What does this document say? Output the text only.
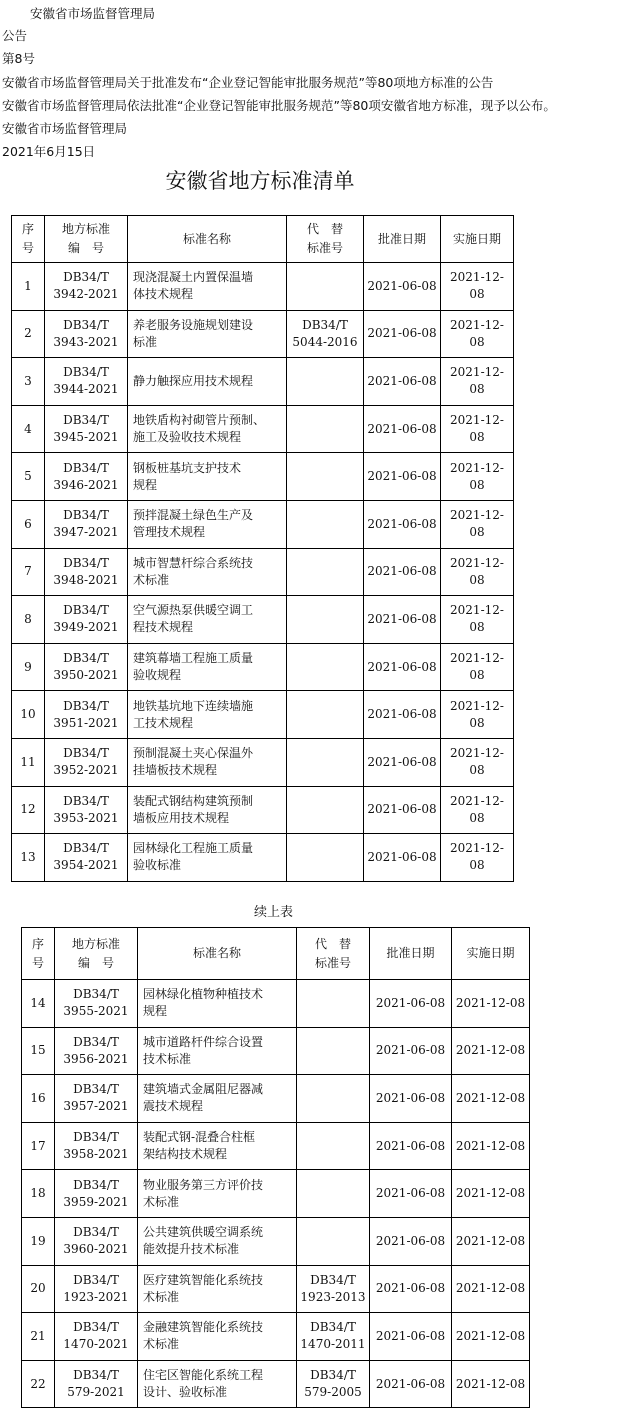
安徽省市场监督管理局
公告
第8号
安徽省市场监督管理局关于批准发布“企业登记智能审批服务规范”等80项地方标准的公告
安徽省市场监督管理局依法批准“企业登记智能审批服务规范”等80项安徽省地方标准，现予以公布。
安徽省市场监督管理局
2021年6月15日
安徽省地方标准清单
序
号	地方标准
编　号	标准名称	代　替
标准号	批准日期	实施日期
1	DB34/T
3942-2021	现浇混凝土内置保温墙
体技术规程		2021-06-08	2021-12-08
2	DB34/T
3943-2021	养老服务设施规划建设
标准	DB34/T
5044-2016	2021-06-08	2021-12-08
3	DB34/T
3944-2021	静力触探应用技术规程		2021-06-08	2021-12-08
4	DB34/T
3945-2021	地铁盾构衬砌管片预制、
施工及验收技术规程		2021-06-08	2021-12-08
5	DB34/T
3946-2021	钢板桩基坑支护技术
规程		2021-06-08	2021-12-08
6	DB34/T
3947-2021	预拌混凝土绿色生产及
管理技术规程		2021-06-08	2021-12-08
7	DB34/T
3948-2021	城市智慧杆综合系统技
术标准		2021-06-08	2021-12-08
8	DB34/T
3949-2021	空气源热泵供暖空调工
程技术规程		2021-06-08	2021-12-08
9	DB34/T
3950-2021	建筑幕墙工程施工质量
验收规程		2021-06-08	2021-12-08
10	DB34/T
3951-2021	地铁基坑地下连续墙施
工技术规程		2021-06-08	2021-12-08
11	DB34/T
3952-2021	预制混凝土夹心保温外
挂墙板技术规程		2021-06-08	2021-12-08
12	DB34/T
3953-2021	装配式钢结构建筑预制
墙板应用技术规程		2021-06-08	2021-12-08
13	DB34/T
3954-2021	园林绿化工程施工质量
验收标准		2021-06-08	2021-12-08
续上表
序
号	地方标准
编　号	标准名称	代　替
标准号	批准日期	实施日期
14	DB34/T
3955-2021	园林绿化植物种植技术
规程		2021-06-08	2021-12-08
15	DB34/T
3956-2021	城市道路杆件综合设置
技术标准		2021-06-08	2021-12-08
16	DB34/T
3957-2021	建筑墙式金属阻尼器减
震技术规程		2021-06-08	2021-12-08
17	DB34/T
3958-2021	装配式钢-混叠合柱框
架结构技术规程		2021-06-08	2021-12-08
18	DB34/T
3959-2021	物业服务第三方评价技
术标准		2021-06-08	2021-12-08
19	DB34/T
3960-2021	公共建筑供暖空调系统
能效提升技术标准		2021-06-08	2021-12-08
20	DB34/T
1923-2021	医疗建筑智能化系统技
术标准	DB34/T
1923-2013	2021-06-08	2021-12-08
21	DB34/T
1470-2021	金融建筑智能化系统技
术标准	DB34/T
1470-2011	2021-06-08	2021-12-08
22	DB34/T
579-2021	住宅区智能化系统工程
设计、验收标准	DB34/T
579-2005	2021-06-08	2021-12-08
